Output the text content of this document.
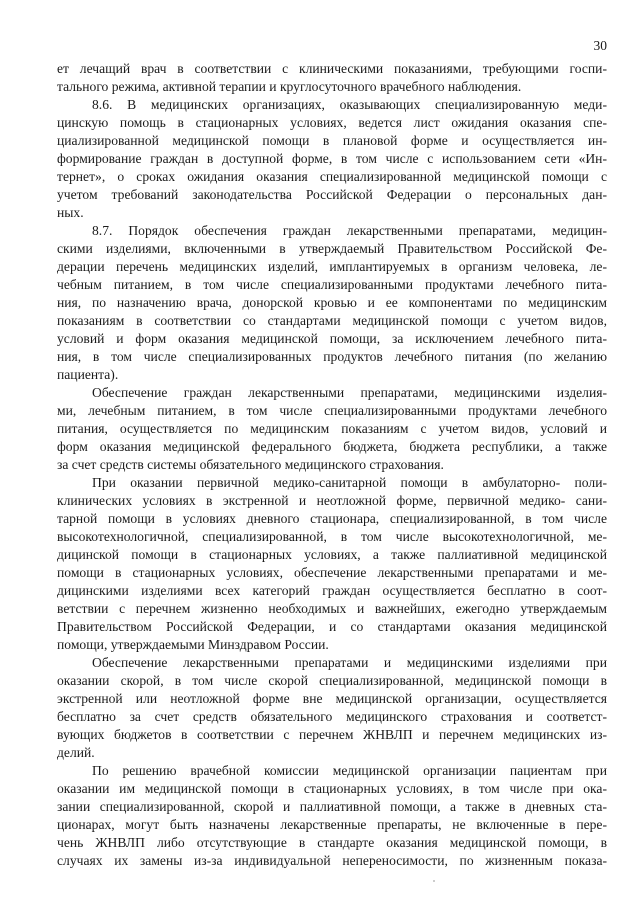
30
ет лечащий врач в соответствии с клиническими показаниями, требующими госпи-
тального режима, активной терапии и круглосуточного врачебного наблюдения.
8.6. В медицинских организациях, оказывающих специализированную меди-
цинскую помощь в стационарных условиях, ведется лист ожидания оказания спе-
циализированной медицинской помощи в плановой форме и осуществляется ин-
формирование граждан в доступной форме, в том числе с использованием сети «Ин-
тернет», о сроках ожидания оказания специализированной медицинской помощи с
учетом требований законодательства Российской Федерации о персональных дан-
ных.
8.7. Порядок обеспечения граждан лекарственными препаратами, медицин-
скими изделиями, включенными в утверждаемый Правительством Российской Фе-
дерации перечень медицинских изделий, имплантируемых в организм человека, ле-
чебным питанием, в том числе специализированными продуктами лечебного пита-
ния, по назначению врача, донорской кровью и ее компонентами по медицинским
показаниям в соответствии со стандартами медицинской помощи с учетом видов,
условий и форм оказания медицинской помощи, за исключением лечебного пита-
ния, в том числе специализированных продуктов лечебного питания (по желанию
пациента).
Обеспечение граждан лекарственными препаратами, медицинскими изделия-
ми, лечебным питанием, в том числе специализированными продуктами лечебного
питания, осуществляется по медицинским показаниям с учетом видов, условий и
форм оказания медицинской федерального бюджета, бюджета республики, а также
за счет средств системы обязательного медицинского страхования.
При оказании первичной медико-санитарной помощи в амбулаторно- поли-
клинических условиях в экстренной и неотложной форме, первичной медико- сани-
тарной помощи в условиях дневного стационара, специализированной, в том числе
высокотехнологичной, специализированной, в том числе высокотехнологичной, ме-
дицинской помощи в стационарных условиях, а также паллиативной медицинской
помощи в стационарных условиях, обеспечение лекарственными препаратами и ме-
дицинскими изделиями всех категорий граждан осуществляется бесплатно в соот-
ветствии с перечнем жизненно необходимых и важнейших, ежегодно утверждаемым
Правительством Российской Федерации, и со стандартами оказания медицинской
помощи, утверждаемыми Минздравом России.
Обеспечение лекарственными препаратами и медицинскими изделиями при
оказании скорой, в том числе скорой специализированной, медицинской помощи в
экстренной или неотложной форме вне медицинской организации, осуществляется
бесплатно за счет средств обязательного медицинского страхования и соответст-
вующих бюджетов в соответствии с перечнем ЖНВЛП и перечнем медицинских из-
делий.
По решению врачебной комиссии медицинской организации пациентам при
оказании им медицинской помощи в стационарных условиях, в том числе при ока-
зании специализированной, скорой и паллиативной помощи, а также в дневных ста-
ционарах, могут быть назначены лекарственные препараты, не включенные в пере-
чень ЖНВЛП либо отсутствующие в стандарте оказания медицинской помощи, в
случаях их замены из-за индивидуальной непереносимости, по жизненным показа-
